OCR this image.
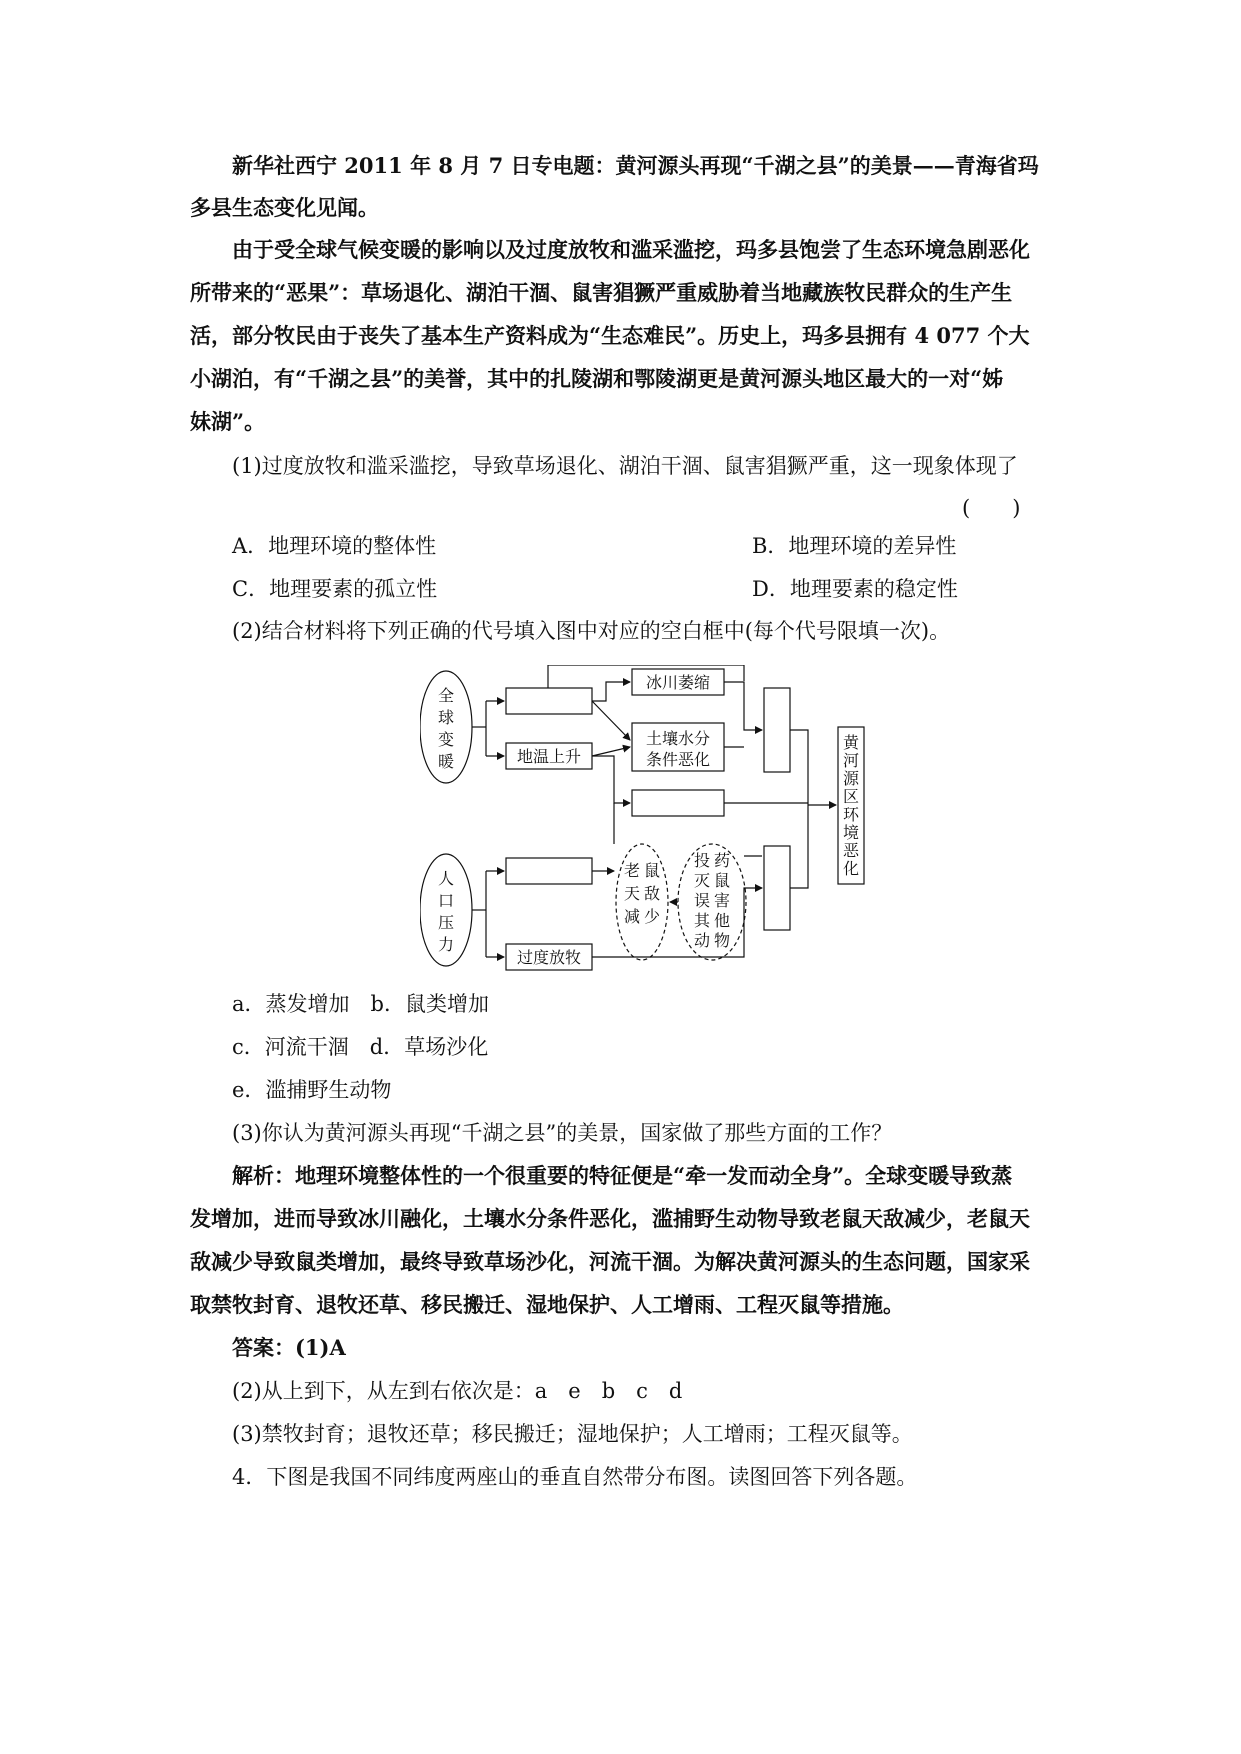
新华社西宁 2011 年 8 月 7 日专电题：黄河源头再现“千湖之县”的美景——青海省玛
多县生态变化见闻。
由于受全球气候变暖的影响以及过度放牧和滥采滥挖，玛多县饱尝了生态环境急剧恶化
所带来的“恶果”：草场退化、湖泊干涸、鼠害猖獗严重威胁着当地藏族牧民群众的生产生
活，部分牧民由于丧失了基本生产资料成为“生态难民”。历史上，玛多县拥有 4 077 个大
小湖泊，有“千湖之县”的美誉，其中的扎陵湖和鄂陵湖更是黄河源头地区最大的一对“姊
妹湖”。
(1)过度放牧和滥采滥挖，导致草场退化、湖泊干涸、鼠害猖獗严重，这一现象体现了
(　　)
A．地理环境的整体性	B．地理环境的差异性
C．地理要素的孤立性	D．地理要素的稳定性
(2)结合材料将下列正确的代号填入图中对应的空白框中(每个代号限填一次)。
全
球
变
暖
人
口
压
力
地温上升
冰川萎缩
土壤水分
条件恶化
过度放牧
老 鼠
天 敌
减 少
投
灭
误
其
动
药
鼠
害
他
物
黄
河
源
区
环
境
恶
化
a．蒸发增加　b．鼠类增加
c．河流干涸　d．草场沙化
e．滥捕野生动物
(3)你认为黄河源头再现“千湖之县”的美景，国家做了那些方面的工作？
解析：地理环境整体性的一个很重要的特征便是“牵一发而动全身”。全球变暖导致蒸
发增加，进而导致冰川融化，土壤水分条件恶化，滥捕野生动物导致老鼠天敌减少，老鼠天
敌减少导致鼠类增加，最终导致草场沙化，河流干涸。为解决黄河源头的生态问题，国家采
取禁牧封育、退牧还草、移民搬迁、湿地保护、人工增雨、工程灭鼠等措施。
答案：(1)A
(2)从上到下，从左到右依次是：a　e　b　c　d
(3)禁牧封育；退牧还草；移民搬迁；湿地保护；人工增雨；工程灭鼠等。
4．下图是我国不同纬度两座山的垂直自然带分布图。读图回答下列各题。
